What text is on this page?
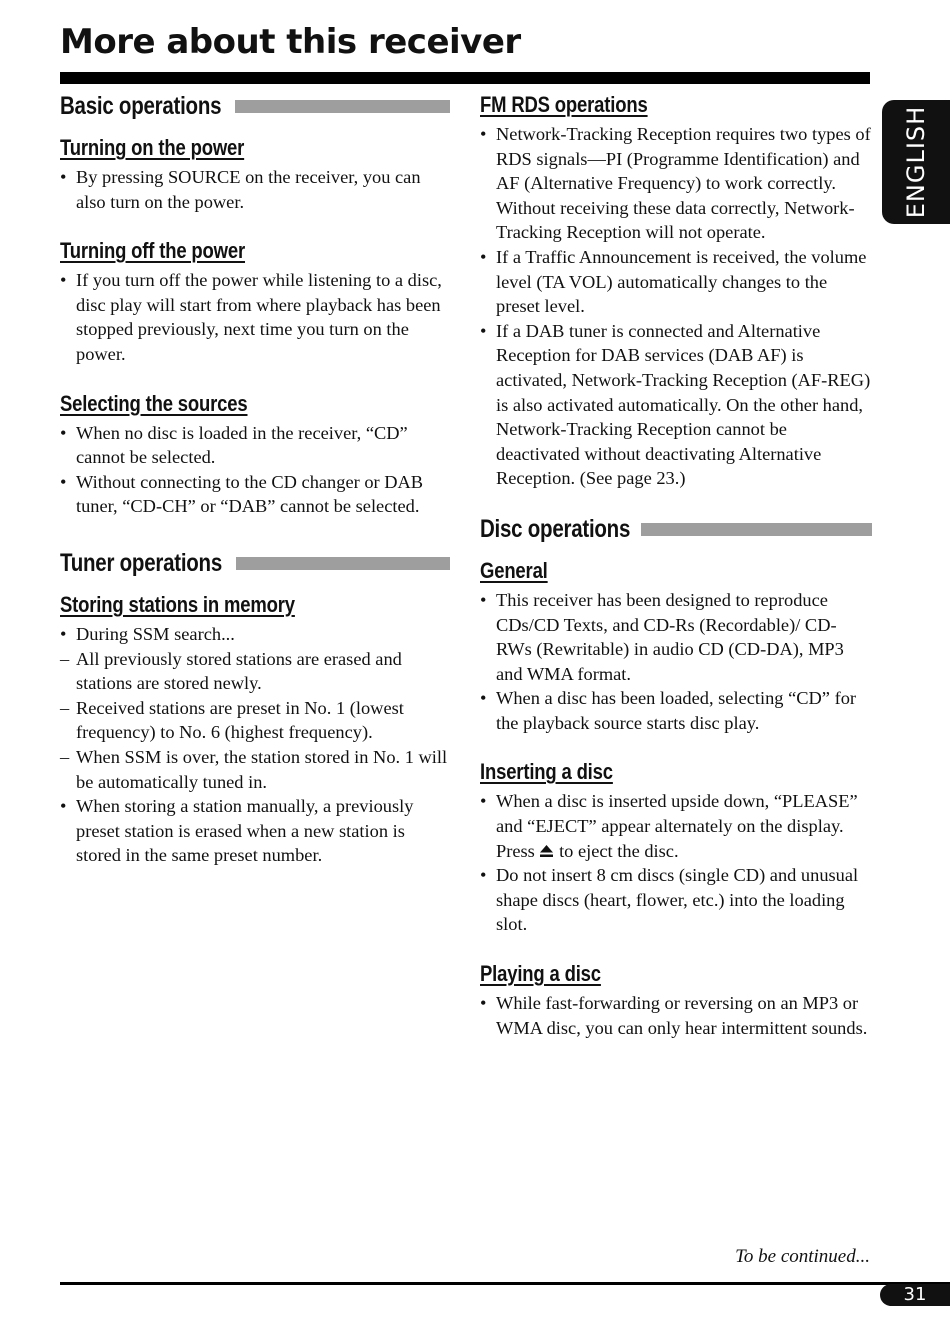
More about this receiver
ENGLISH
Basic operations
Turning on the power
• By pressing SOURCE on the receiver, you can also turn on the power.
Turning off the power
• If you turn off the power while listening to a disc, disc play will start from where playback has been stopped previously, next time you turn on the power.
Selecting the sources
• When no disc is loaded in the receiver, “CD” cannot be selected.
• Without connecting to the CD changer or DAB tuner, “CD-CH” or “DAB” cannot be selected.
Tuner operations
Storing stations in memory
• During SSM search...
– All previously stored stations are erased and stations are stored newly.
– Received stations are preset in No. 1 (lowest frequency) to No. 6 (highest frequency).
– When SSM is over, the station stored in No. 1 will be automatically tuned in.
• When storing a station manually, a previously preset station is erased when a new station is stored in the same preset number.
FM RDS operations
• Network-Tracking Reception requires two types of RDS signals—PI (Programme Identification) and AF (Alternative Frequency) to work correctly. Without receiving these data correctly, Network-Tracking Reception will not operate.
• If a Traffic Announcement is received, the volume level (TA VOL) automatically changes to the preset level.
• If a DAB tuner is connected and Alternative Reception for DAB services (DAB AF) is activated, Network-Tracking Reception (AF-REG) is also activated automatically. On the other hand, Network-Tracking Reception cannot be deactivated without deactivating Alternative Reception. (See page 23.)
Disc operations
General
• This receiver has been designed to reproduce CDs/CD Texts, and CD-Rs (Recordable)/ CD-RWs (Rewritable) in audio CD (CD-DA), MP3 and WMA format.
• When a disc has been loaded, selecting “CD” for the playback source starts disc play.
Inserting a disc
• When a disc is inserted upside down, “PLEASE” and “EJECT” appear alternately on the display. Press to eject the disc.
• Do not insert 8 cm discs (single CD) and unusual shape discs (heart, flower, etc.) into the loading slot.
Playing a disc
• While fast-forwarding or reversing on an MP3 or WMA disc, you can only hear intermittent sounds.
To be continued...
31
